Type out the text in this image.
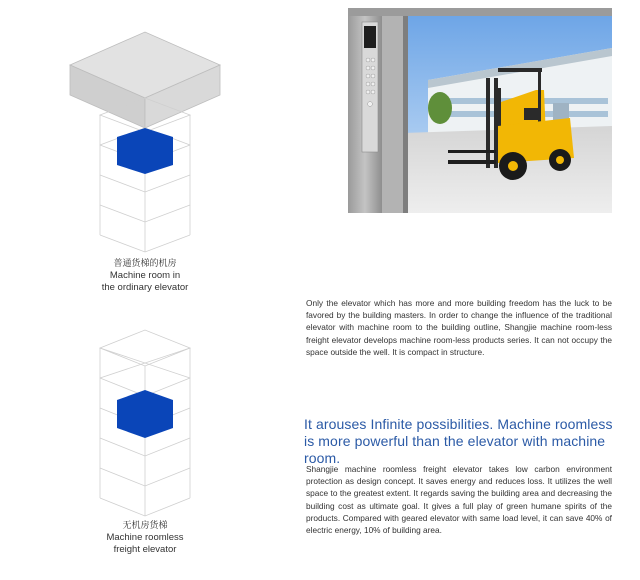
普通货梯的机房
Machine room in
the ordinary elevator
无机房货梯
Machine roomless
freight elevator
Only the elevator which has more and more building freedom has the luck to be favored by the building masters. In order to change the influence of the traditional elevator with machine room to the building outline, Shangjie machine room-less freight elevator develops machine room-less products series. It can not occupy the space outside the well. It is compact in structure.
It arouses Infinite possibilities. Machine roomless
is more powerful than the elevator with machine room.
Shangjie machine roomless freight elevator takes low carbon environment protection as design concept. It saves energy and reduces loss. It utilizes the well space to the greatest extent. It regards saving the building area and decreasing the building cost as ultimate goal. It gives a full play of green humane spirits of the products. Compared with geared elevator with same load level, it can save 40% of electric energy, 10% of building area.
